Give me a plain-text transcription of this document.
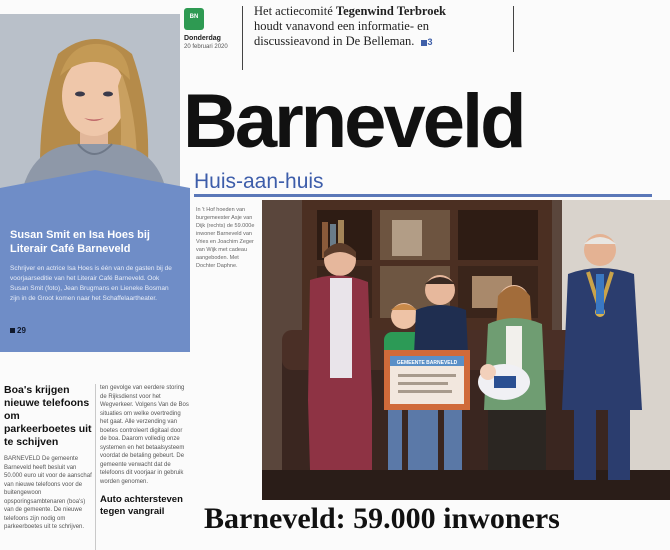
Susan Smit en Isa Hoes bij Literair Café Barneveld
Schrijver en actrice Isa Hoes is één van de gasten bij de voorjaarseditie van het Literair Café Barneveld. Ook Susan Smit (foto), Jean Brugmans en Lieneke Bosman zijn in de Groot komen naar het Schaffelaartheater.
29
Boa's krijgen nieuwe telefoons om parkeerboetes uit te schijven
BARNEVELD De gemeente Barneveld heeft besluit van 50.000 euro uit voor de aanschaf van nieuwe telefoons voor de buitengewoon opsporingsambtenaren (boa's) van de gemeente. De nieuwe telefoons zijn nodig om parkeerboetes uit te schrijven.
ten gevolge van eerdere storing de Rijksdienst voor het Wegverkeer. Volgens Van de Bos situaties om welke overtreding het gaat. Alle verzending van boetes controleert digitaal door de boa. Daarom volledig onze systemen en het betaalsysteem voordat de betaling gebeurt. De gemeente verwacht dat de telefoons dit voorjaar in gebruik worden genomen.
Auto achtersteven tegen vangrail
BN
Donderdag
20 februari 2020
Het actiecomité Tegenwind Terbroek
houdt vanavond een informatie- en
discussieavond in De Belleman. 3
Barneveld
Huis-aan-huis
In 't Hof hoeden van burgemeester Asje van Dijk (rechts) de 59.000e inwoner Barneveld van Vries en Joachim Zeger van Wijk met cadeau aangeboden. Met Dochter Daphne.
GEMEENTE BARNEVELD
Barneveld: 59.000 inwoners
